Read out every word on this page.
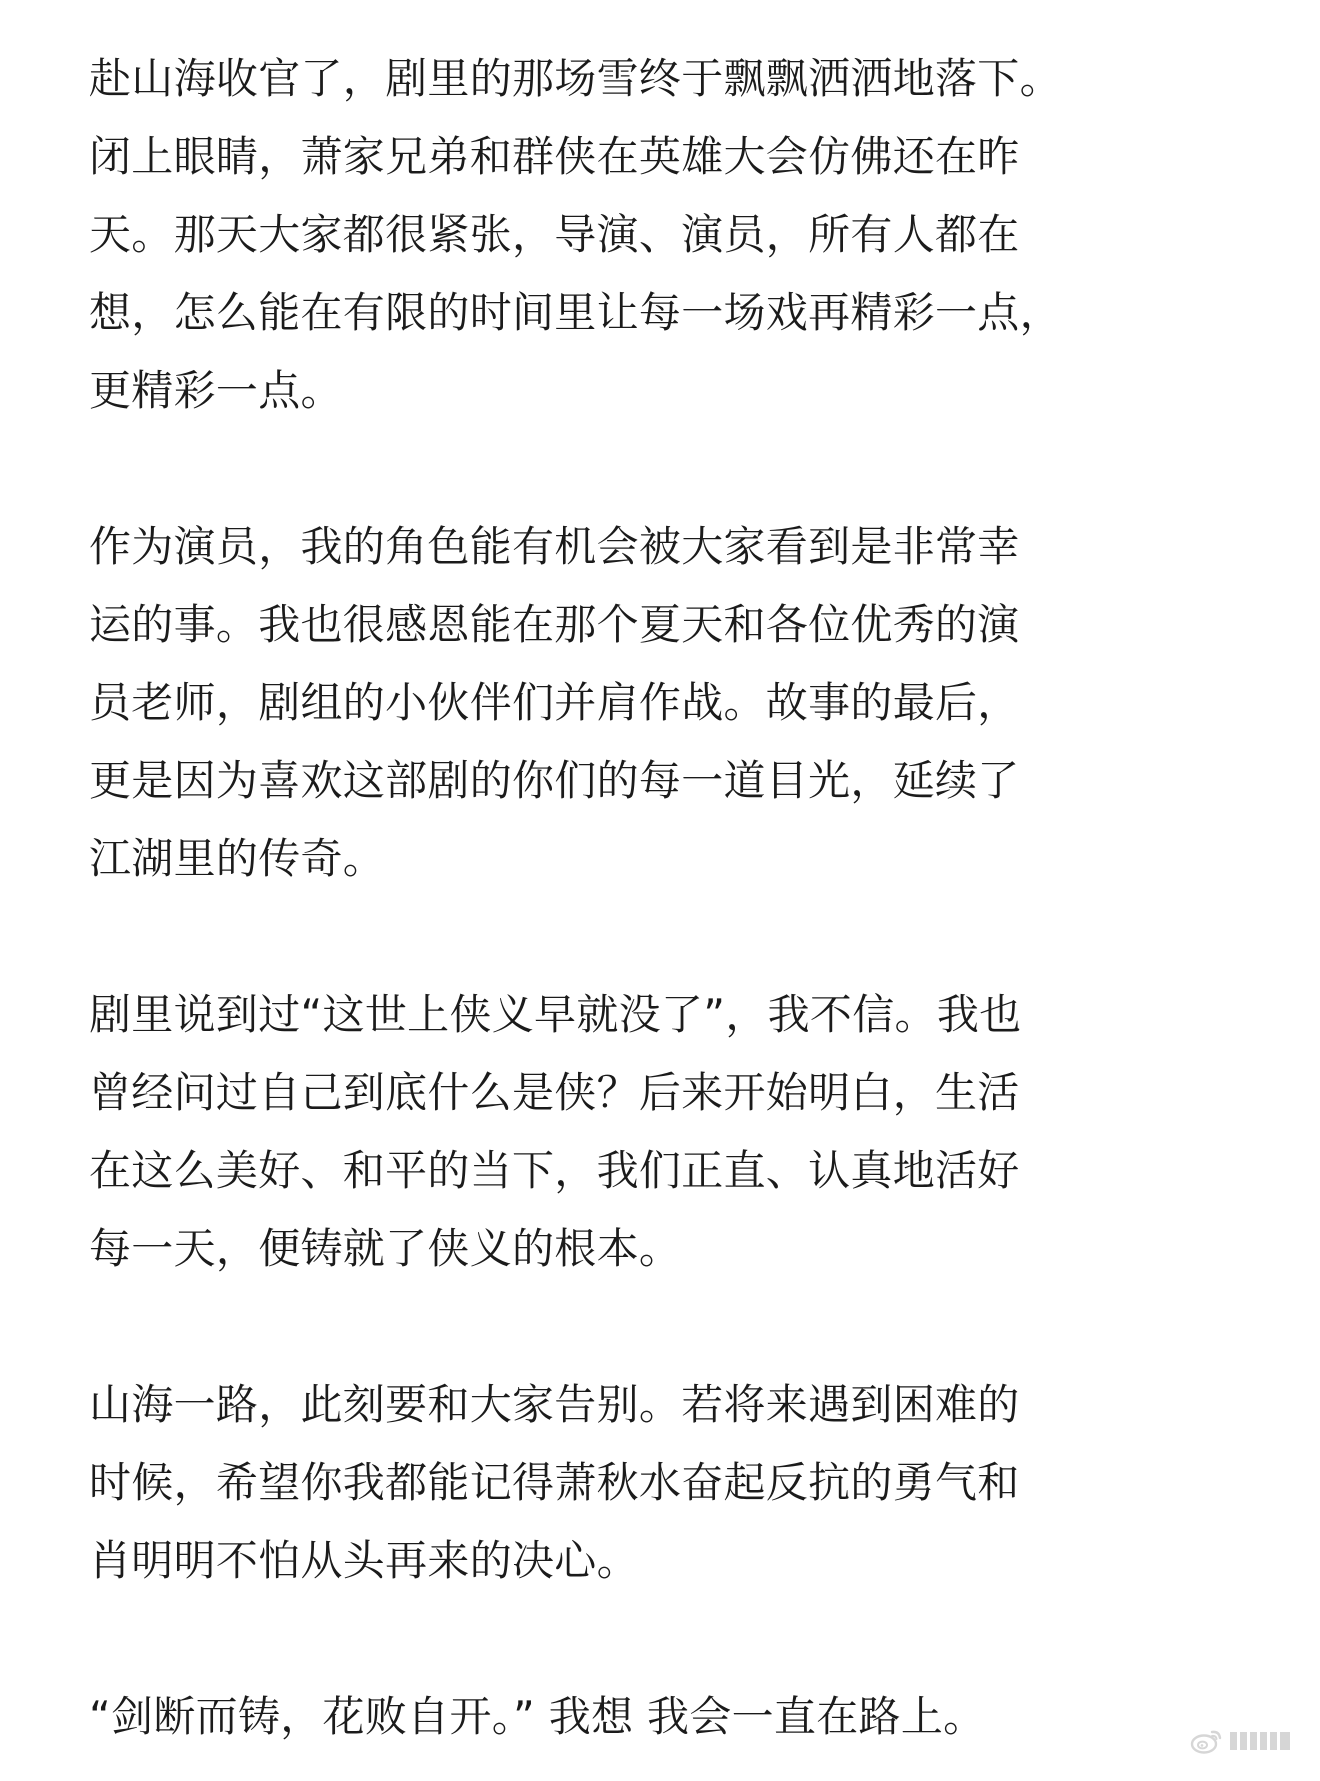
赴山海收官了，剧里的那场雪终于飘飘洒洒地落下。
闭上眼睛，萧家兄弟和群侠在英雄大会仿佛还在昨
天。那天大家都很紧张，导演、演员，所有人都在
想，怎么能在有限的时间里让每一场戏再精彩一点，
更精彩一点。

作为演员，我的角色能有机会被大家看到是非常幸
运的事。我也很感恩能在那个夏天和各位优秀的演
员老师，剧组的小伙伴们并肩作战。故事的最后，
更是因为喜欢这部剧的你们的每一道目光，延续了
江湖里的传奇。

剧里说到过“这世上侠义早就没了”，我不信。我也
曾经问过自己到底什么是侠？后来开始明白，生活
在这么美好、和平的当下，我们正直、认真地活好
每一天，便铸就了侠义的根本。

山海一路，此刻要和大家告别。若将来遇到困难的
时候，希望你我都能记得萧秋水奋起反抗的勇气和
肖明明不怕从头再来的决心。

“剑断而铸，花败自开。” 我想 我会一直在路上。
